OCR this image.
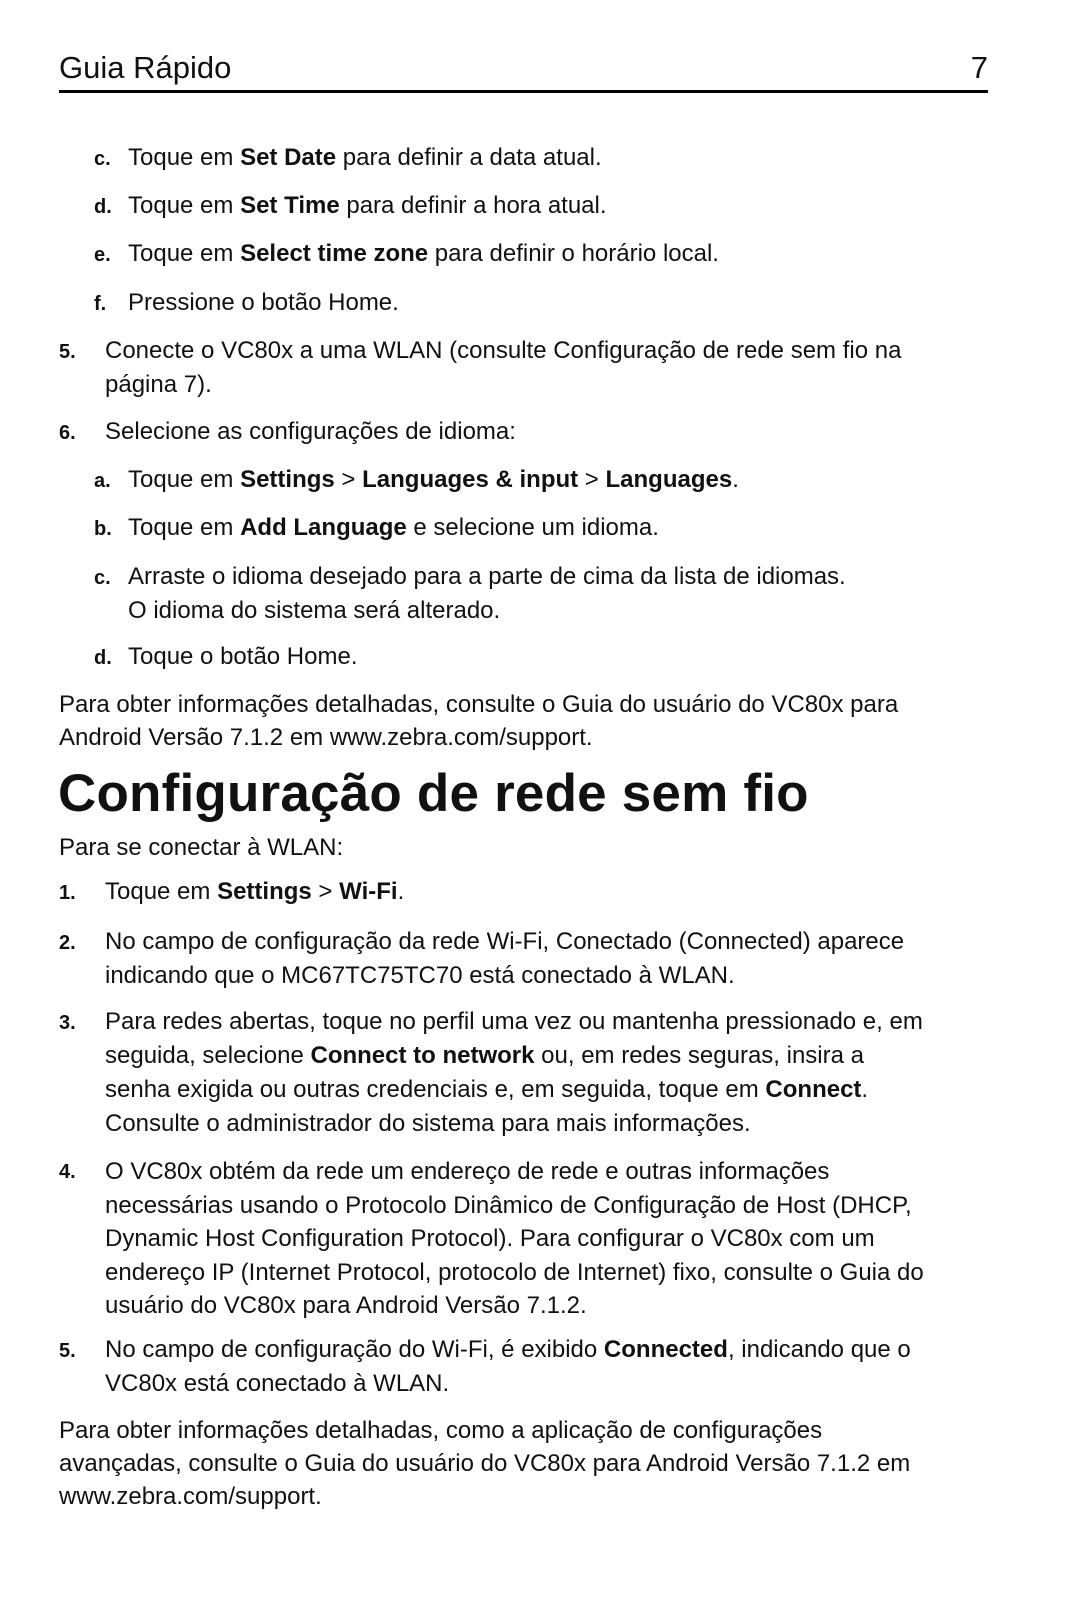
Guia Rápido	7
c. Toque em Set Date para definir a data atual.
d. Toque em Set Time para definir a hora atual.
e. Toque em Select time zone para definir o horário local.
f. Pressione o botão Home.
5.	Conecte o VC80x a uma WLAN (consulte Configuração de rede sem fio na
página 7).
6.	Selecione as configurações de idioma:
a. Toque em Settings > Languages & input > Languages.
b. Toque em Add Language e selecione um idioma.
c. Arraste o idioma desejado para a parte de cima da lista de idiomas.
O idioma do sistema será alterado.
d. Toque o botão Home.
Para obter informações detalhadas, consulte o Guia do usuário do VC80x para
Android Versão 7.1.2 em www.zebra.com/support.
Configuração de rede sem fio
Para se conectar à WLAN:
1.	Toque em Settings > Wi-Fi.
2.	No campo de configuração da rede Wi-Fi, Conectado (Connected) aparece
indicando que o MC67TC75TC70 está conectado à WLAN.
3.	Para redes abertas, toque no perfil uma vez ou mantenha pressionado e, em
seguida, selecione Connect to network ou, em redes seguras, insira a
senha exigida ou outras credenciais e, em seguida, toque em Connect.
Consulte o administrador do sistema para mais informações.
4.	O VC80x obtém da rede um endereço de rede e outras informações
necessárias usando o Protocolo Dinâmico de Configuração de Host (DHCP,
Dynamic Host Configuration Protocol). Para configurar o VC80x com um
endereço IP (Internet Protocol, protocolo de Internet) fixo, consulte o Guia do
usuário do VC80x para Android Versão 7.1.2.
5.	No campo de configuração do Wi-Fi, é exibido Connected, indicando que o
VC80x está conectado à WLAN.
Para obter informações detalhadas, como a aplicação de configurações
avançadas, consulte o Guia do usuário do VC80x para Android Versão 7.1.2 em
www.zebra.com/support.
